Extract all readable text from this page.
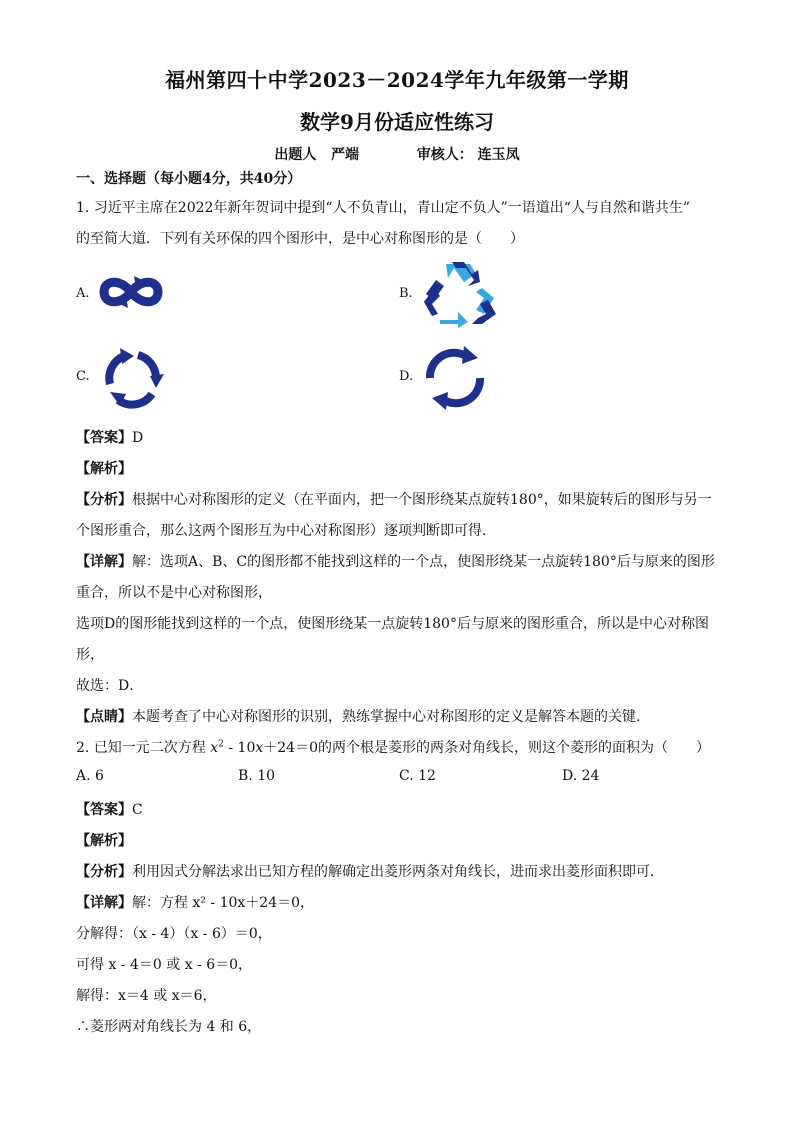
福州第四十中学2023－2024学年九年级第一学期
数学9月份适应性练习
出题人 严端	审核人： 连玉凤
一、选择题（每小题4分，共40分）
1. 习近平主席在2022年新年贺词中提到“人不负青山，青山定不负人”一语道出“人与自然和谐共生”
的至简大道．下列有关环保的四个图形中，是中心对称图形的是（　　）
A.	B.
C.	D.
【答案】D
【解析】
【分析】根据中心对称图形的定义（在平面内，把一个图形绕某点旋转180°，如果旋转后的图形与另一
个图形重合，那么这两个图形互为中心对称图形）逐项判断即可得．
【详解】解：选项A、B、C的图形都不能找到这样的一个点，使图形绕某一点旋转180°后与原来的图形
重合，所以不是中心对称图形，
选项D的图形能找到这样的一个点，使图形绕某一点旋转180°后与原来的图形重合，所以是中心对称图
形，
故选：D．
【点睛】本题考查了中心对称图形的识别，熟练掌握中心对称图形的定义是解答本题的关键．
2. 已知一元二次方程 $x^2 - 10x+24=0$的两个根是菱形的两条对角线长，则这个菱形的面积为（　　）
A. 6	B. 10	C. 12	D. 24
【答案】C
【解析】
【分析】利用因式分解法求出已知方程的解确定出菱形两条对角线长，进而求出菱形面积即可．
【详解】解：方程 x² - 10x＋24＝0，
分解得：（x - 4）（x - 6）＝0，
可得 x - 4＝0 或 x - 6＝0，
解得：x＝4 或 x＝6，
∴菱形两对角线长为 4 和 6，
